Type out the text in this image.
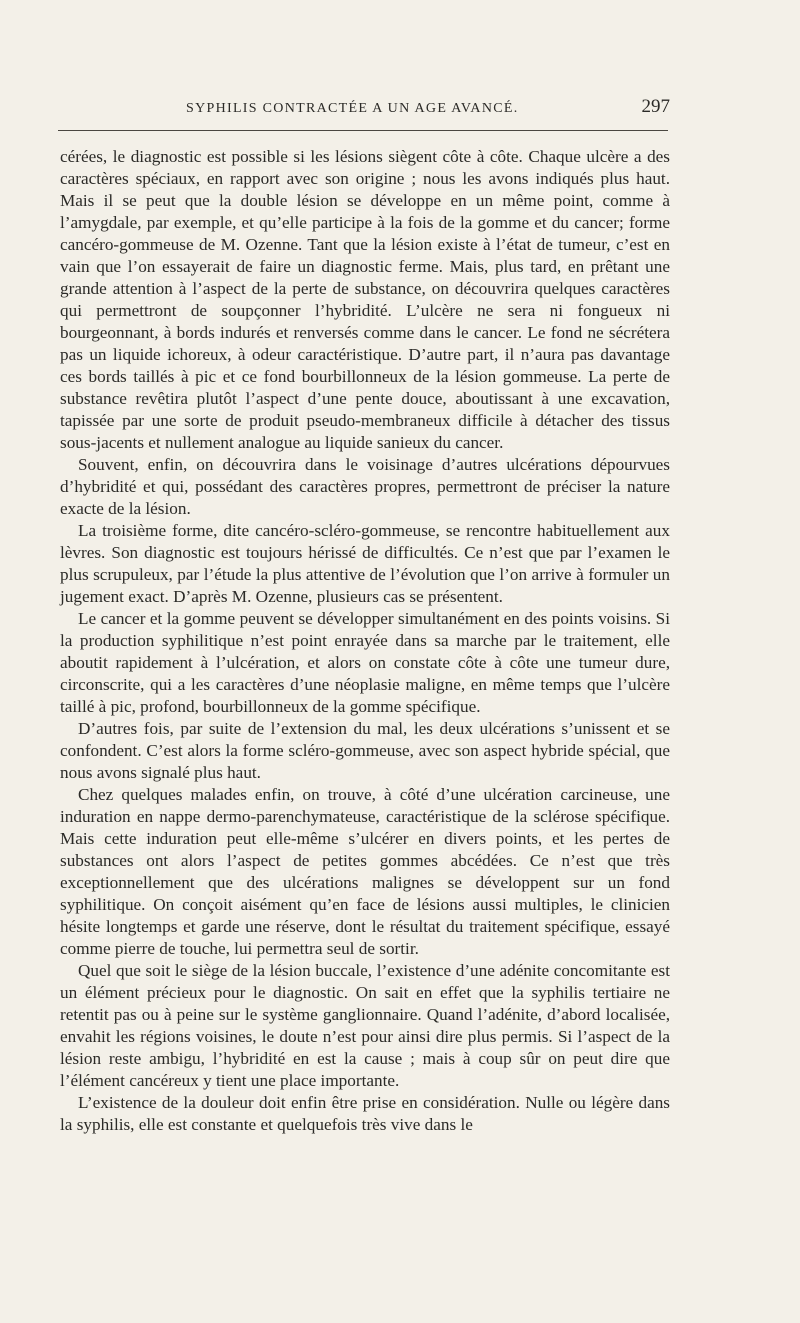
SYPHILIS CONTRACTÉE A UN AGE AVANCÉ.	297

cérées, le diagnostic est possible si les lésions siègent côte à côte. Chaque ulcère a des caractères spéciaux, en rapport avec son origine ; nous les avons indiqués plus haut. Mais il se peut que la double lésion se développe en un même point, comme à l’amygdale, par exemple, et qu’elle participe à la fois de la gomme et du cancer; forme cancéro-gommeuse de M. Ozenne. Tant que la lésion existe à l’état de tumeur, c’est en vain que l’on essayerait de faire un diagnostic ferme. Mais, plus tard, en prêtant une grande attention à l’aspect de la perte de substance, on découvrira quelques caractères qui permettront de soupçonner l’hybridité. L’ulcère ne sera ni fongueux ni bourgeonnant, à bords indurés et renversés comme dans le cancer. Le fond ne sécrétera pas un liquide ichoreux, à odeur caractéristique. D’autre part, il n’aura pas davantage ces bords taillés à pic et ce fond bourbillonneux de la lésion gommeuse. La perte de substance revêtira plutôt l’aspect d’une pente douce, aboutissant à une excavation, tapissée par une sorte de produit pseudo-membraneux difficile à détacher des tissus sous-jacents et nullement analogue au liquide sanieux du cancer.

Souvent, enfin, on découvrira dans le voisinage d’autres ulcérations dépourvues d’hybridité et qui, possédant des caractères propres, permettront de préciser la nature exacte de la lésion.

La troisième forme, dite cancéro-scléro-gommeuse, se rencontre habituellement aux lèvres. Son diagnostic est toujours hérissé de difficultés. Ce n’est que par l’examen le plus scrupuleux, par l’étude la plus attentive de l’évolution que l’on arrive à formuler un jugement exact. D’après M. Ozenne, plusieurs cas se présentent.

Le cancer et la gomme peuvent se développer simultanément en des points voisins. Si la production syphilitique n’est point enrayée dans sa marche par le traitement, elle aboutit rapidement à l’ulcération, et alors on constate côte à côte une tumeur dure, circonscrite, qui a les caractères d’une néoplasie maligne, en même temps que l’ulcère taillé à pic, profond, bourbillonneux de la gomme spécifique.

D’autres fois, par suite de l’extension du mal, les deux ulcérations s’unissent et se confondent. C’est alors la forme scléro-gommeuse, avec son aspect hybride spécial, que nous avons signalé plus haut.

Chez quelques malades enfin, on trouve, à côté d’une ulcération carcineuse, une induration en nappe dermo-parenchymateuse, caractéristique de la sclérose spécifique. Mais cette induration peut elle-même s’ulcérer en divers points, et les pertes de substances ont alors l’aspect de petites gommes abcédées. Ce n’est que très exceptionnellement que des ulcérations malignes se développent sur un fond syphilitique. On conçoit aisément qu’en face de lésions aussi multiples, le clinicien hésite longtemps et garde une réserve, dont le résultat du traitement spécifique, essayé comme pierre de touche, lui permettra seul de sortir.

Quel que soit le siège de la lésion buccale, l’existence d’une adénite concomitante est un élément précieux pour le diagnostic. On sait en effet que la syphilis tertiaire ne retentit pas ou à peine sur le système ganglionnaire. Quand l’adénite, d’abord localisée, envahit les régions voisines, le doute n’est pour ainsi dire plus permis. Si l’aspect de la lésion reste ambigu, l’hybridité en est la cause ; mais à coup sûr on peut dire que l’élément cancéreux y tient une place importante.

L’existence de la douleur doit enfin être prise en considération. Nulle ou légère dans la syphilis, elle est constante et quelquefois très vive dans le
